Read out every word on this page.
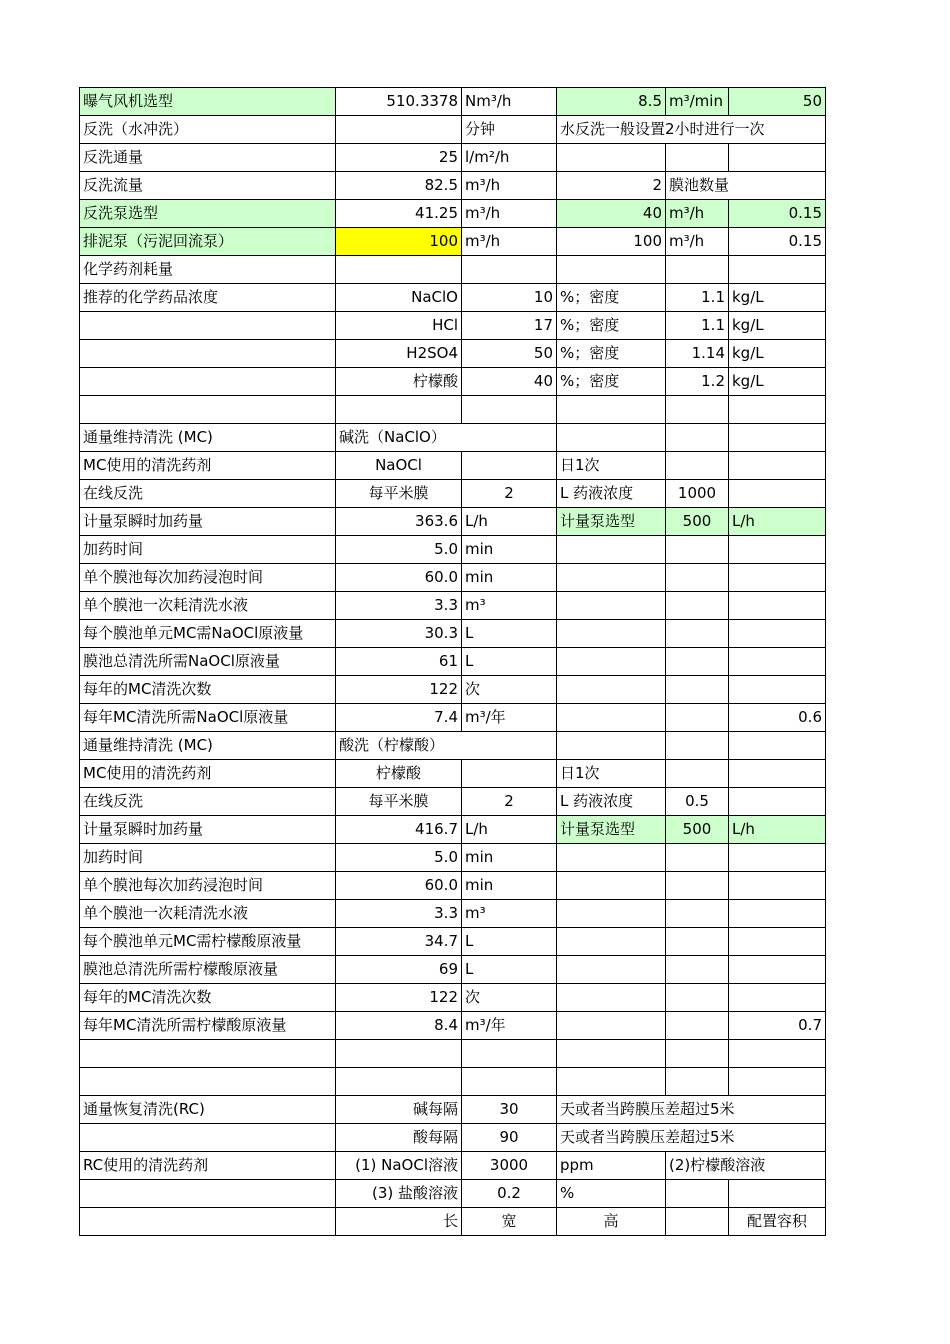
曝气风机选型	510.3378	Nm³/h	8.5	m³/min	50
反洗（水冲洗）		分钟	水反洗一般设置2小时进行一次		
反洗通量	25	l/m²/h			
反洗流量	82.5	m³/h	2	膜池数量	
反洗泵选型	41.25	m³/h	40	m³/h	0.15
排泥泵（污泥回流泵）	100	m³/h	100	m³/h	0.15
化学药剂耗量					
推荐的化学药品浓度	NaClO	10	%；密度	1.1	kg/L
	HCl	17	%；密度	1.1	kg/L
	H2SO4	50	%；密度	1.14	kg/L
	柠檬酸	40	%；密度	1.2	kg/L

通量维持清洗 (MC)	碱洗（NaClO）				
MC使用的清洗药剂	NaOCl		日1次		
在线反洗	每平米膜	2	L 药液浓度	1000	
计量泵瞬时加药量	363.6	L/h	计量泵选型	500	L/h
加药时间	5.0	min			
单个膜池每次加药浸泡时间	60.0	min			
单个膜池一次耗清洗水液	3.3	m³			
每个膜池单元MC需NaOCl原液量	30.3	L			
膜池总清洗所需NaOCl原液量	61	L			
每年的MC清洗次数	122	次			
每年MC清洗所需NaOCl原液量	7.4	m³/年			0.6
通量维持清洗 (MC)	酸洗（柠檬酸）				
MC使用的清洗药剂	柠檬酸		日1次		
在线反洗	每平米膜	2	L 药液浓度	0.5	
计量泵瞬时加药量	416.7	L/h	计量泵选型	500	L/h
加药时间	5.0	min			
单个膜池每次加药浸泡时间	60.0	min			
单个膜池一次耗清洗水液	3.3	m³			
每个膜池单元MC需柠檬酸原液量	34.7	L			
膜池总清洗所需柠檬酸原液量	69	L			
每年的MC清洗次数	122	次			
每年MC清洗所需柠檬酸原液量	8.4	m³/年			0.7

通量恢复清洗(RC)	碱每隔	30	天或者当跨膜压差超过5米		
	酸每隔	90	天或者当跨膜压差超过5米		
RC使用的清洗药剂	(1) NaOCl溶液	3000	ppm	(2)柠檬酸溶液	
	(3) 盐酸溶液	0.2	%		
	长	宽	高		配置容积
